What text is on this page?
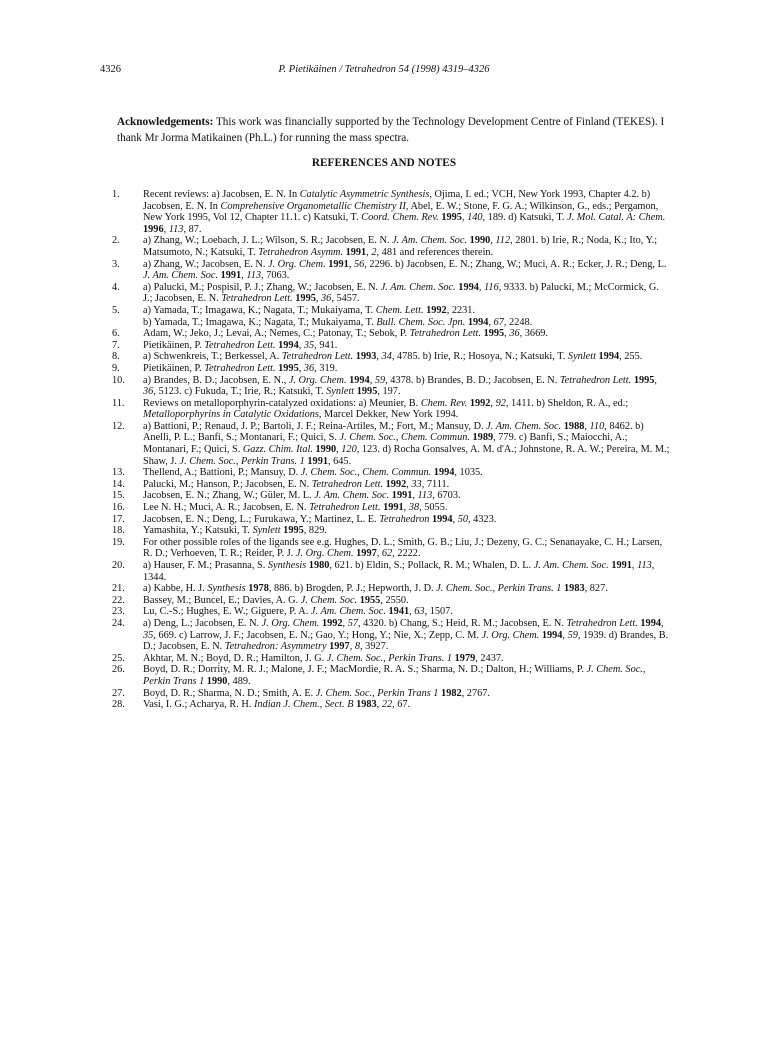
4326	P. Pietikäinen / Tetrahedron 54 (1998) 4319–4326

Acknowledgements: This work was financially supported by the Technology Development Centre of Finland (TEKES). I thank Mr Jorma Matikainen (Ph.L.) for running the mass spectra.

REFERENCES AND NOTES
1. Recent reviews: a) Jacobsen, E. N. In Catalytic Asymmetric Synthesis, Ojima, I. ed.; VCH, New York 1993, Chapter 4.2. b) Jacobsen, E. N. In Comprehensive Organometallic Chemistry II, Abel, E. W.; Stone, F. G. A.; Wilkinson, G., eds.; Pergamon, New York 1995, Vol 12, Chapter 11.1. c) Katsuki, T. Coord. Chem. Rev. 1995, 140, 189. d) Katsuki, T. J. Mol. Catal. A: Chem. 1996, 113, 87.
2. a) Zhang, W.; Loebach, J. L.; Wilson, S. R.; Jacobsen, E. N. J. Am. Chem. Soc. 1990, 112, 2801. b) Irie, R.; Noda, K.; Ito, Y.; Matsumoto, N.; Katsuki, T. Tetrahedron Asymm. 1991, 2, 481 and references therein.
3. a) Zhang, W.; Jacobsen, E. N. J. Org. Chem. 1991, 56, 2296. b) Jacobsen, E. N.; Zhang, W.; Muci, A. R.; Ecker, J. R.; Deng, L. J. Am. Chem. Soc. 1991, 113, 7063.
4. a) Palucki, M.; Pospisil, P. J.; Zhang, W.; Jacobsen, E. N. J. Am. Chem. Soc. 1994, 116, 9333. b) Palucki, M.; McCormick, G. J.; Jacobsen, E. N. Tetrahedron Lett. 1995, 36, 5457.
5. a) Yamada, T.; Imagawa, K.; Nagata, T.; Mukaiyama, T. Chem. Lett. 1992, 2231.
b) Yamada, T.; Imagawa, K.; Nagata, T.; Mukaiyama, T. Bull. Chem. Soc. Jpn. 1994, 67, 2248.
6. Adam, W.; Jeko, J.; Levai, A.; Nemes, C.; Patonay, T.; Sebok, P. Tetrahedron Lett. 1995, 36, 3669.
7. Pietikäinen, P. Tetrahedron Lett. 1994, 35, 941.
8. a) Schwenkreis, T.; Berkessel, A. Tetrahedron Lett. 1993, 34, 4785. b) Irie, R.; Hosoya, N.; Katsuki, T. Synlett 1994, 255.
9. Pietikäinen, P. Tetrahedron Lett. 1995, 36, 319.
10. a) Brandes, B. D.; Jacobsen, E. N., J. Org. Chem. 1994, 59, 4378. b) Brandes, B. D.; Jacobsen, E. N. Tetrahedron Lett. 1995, 36, 5123. c) Fukuda, T.; Irie, R.; Katsuki, T. Synlett 1995, 197.
11. Reviews on metalloporphyrin-catalyzed oxidations: a) Meunier, B. Chem. Rev. 1992, 92, 1411. b) Sheldon, R. A., ed.; Metalloporphyrins in Catalytic Oxidations, Marcel Dekker, New York 1994.
12. a) Battioni, P.; Renaud, J. P.; Bartoli, J. F.; Reina-Artiles, M.; Fort, M.; Mansuy, D. J. Am. Chem. Soc. 1988, 110, 8462. b) Anelli, P. L.; Banfi, S.; Montanari, F.; Quici, S. J. Chem. Soc., Chem. Commun. 1989, 779. c) Banfi, S.; Maiocchi, A.; Montanari, F.; Quici, S. Gazz. Chim. Ital. 1990, 120, 123. d) Rocha Gonsalves, A. M. d'A.; Johnstone, R. A. W.; Pereira, M. M.; Shaw, J. J. Chem. Soc., Perkin Trans. 1 1991, 645.
13. Thellend, A.; Battioni, P.; Mansuy, D. J. Chem. Soc., Chem. Commun. 1994, 1035.
14. Palucki, M.; Hanson, P.; Jacobsen, E. N. Tetrahedron Lett. 1992, 33, 7111.
15. Jacobsen, E. N.; Zhang, W.; Güler, M. L. J. Am. Chem. Soc. 1991, 113, 6703.
16. Lee N. H.; Muci, A. R.; Jacobsen, E. N. Tetrahedron Lett. 1991, 38, 5055.
17. Jacobsen, E. N.; Deng, L.; Furukawa, Y.; Martinez, L. E. Tetrahedron 1994, 50, 4323.
18. Yamashita, Y.; Katsuki, T. Synlett 1995, 829.
19. For other possible roles of the ligands see e.g. Hughes, D. L.; Smith, G. B.; Liu, J.; Dezeny, G. C.; Senanayake, C. H.; Larsen, R. D.; Verhoeven, T. R.; Reider, P. J. J. Org. Chem. 1997, 62, 2222.
20. a) Hauser, F. M.; Prasanna, S. Synthesis 1980, 621. b) Eldin, S.; Pollack, R. M.; Whalen, D. L. J. Am. Chem. Soc. 1991, 113, 1344.
21. a) Kabbe, H. J. Synthesis 1978, 886. b) Brogden, P. J.; Hepworth, J. D. J. Chem. Soc., Perkin Trans. 1 1983, 827.
22. Bassey, M.; Buncel, E.; Davies, A. G. J. Chem. Soc. 1955, 2550.
23. Lu, C.-S.; Hughes, E. W.; Giguere, P. A. J. Am. Chem. Soc. 1941, 63, 1507.
24. a) Deng, L.; Jacobsen, E. N. J. Org. Chem. 1992, 57, 4320. b) Chang, S.; Heid, R. M.; Jacobsen, E. N. Tetrahedron Lett. 1994, 35, 669. c) Larrow, J. F.; Jacobsen, E. N.; Gao, Y.; Hong, Y.; Nie, X.; Zepp, C. M. J. Org. Chem. 1994, 59, 1939. d) Brandes, B. D.; Jacobsen, E. N. Tetrahedron: Asymmetry 1997, 8, 3927.
25. Akhtar, M. N.; Boyd, D. R.; Hamilton, J. G. J. Chem. Soc., Perkin Trans. 1 1979, 2437.
26. Boyd, D. R.; Dorrity, M. R. J.; Malone, J. F.; MacMordie, R. A. S.; Sharma, N. D.; Dalton, H.; Williams, P. J. Chem. Soc., Perkin Trans 1 1990, 489.
27. Boyd, D. R.; Sharma, N. D.; Smith, A. E. J. Chem. Soc., Perkin Trans 1 1982, 2767.
28. Vasi, I. G.; Acharya, R. H. Indian J. Chem., Sect. B 1983, 22, 67.
